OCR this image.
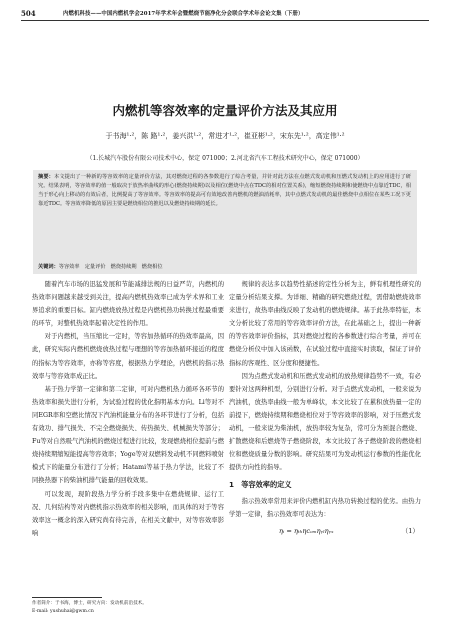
504	内燃机科技——中国内燃机学会2017年学术年会暨燃烧节能净化分会联合学术年会论文集（下册）
内燃机等容效率的定量评价方法及其应用
于书海¹·²，陈 路¹·²，姜兴洪¹·²，常进才¹·²，崔亚彬¹·²，宋东先¹·²，高定伟¹·²
（1.长城汽车股份有限公司技术中心，保定 071000；2.河北省汽车工程技术研究中心，保定 071000）
摘要：本文提出了一种新的等容效率的定量评价方法，其对燃烧过程的各参数进行了综合考量，并针对此方法在点燃式发动机和压燃式发动机上的应用进行了研究。结果表明，等容效率的值一般取决于放热率曲线的形心(燃烧持续期)以及相位(燃烧中点在TDC的相对位置关系)，缩短燃烧持续期和使燃烧中点靠近TDC，相当于形心向上移动的有效后者，比例提高了等容效率。等容效率的提高可有效地改善内燃机的燃油消耗率，其中点燃式发动机的最佳燃烧中点相位在某些工况下更靠近TDC。等容效率降低的原因主要是燃烧相位的推迟以及燃烧持续期的延长。
关键词：等容效率　定量评价　燃烧持续期　燃烧相位

随着汽车市场的迅猛发展和节能减排法规的日益严苛，内燃机的热效率问题越来越受到关注，提高内燃机热效率已成为学术界和工业界追求的重要目标。缸内燃烧放热过程是内燃机热功转换过程最重要的环节，对整机热效率起着决定性的作用。

对于内燃机，当压缩比一定时，等容加热循环的热效率最高，因此，研究实际内燃机燃烧放热过程与理想的等容加热循环接近的程度的指标为等容效率，亦称等容度，根据热力学理论，内燃机的指示热效率与等容效率成正比。

基于热力学第一定律和第二定律，可对内燃机热力循环各环节的热效率和损失进行分析，为试验过程的优化指明基本方向。Li等对不同EGR率和空燃比情况下汽油机能量分布的各环节进行了分析，包括有效功、排气损失、不完全燃烧损失、传热损失、机械损失等部分；Fu等对自然吸气汽油机的燃烧过程进行比较，发现燃烧相位提前与燃烧持续期缩短能提高等容效率；Yoge等对双燃料发动机不同燃料喷射模式下的能量分布进行了分析；Hatami等基于热力学法，比较了不同换热器下的柴油机排气能量的回收效果。

可以发现，现阶段热力学分析手段多集中在燃烧规律、运行工况、几何结构等对内燃机指示热效率的相关影响，而具体的对于等容效率这一概念的深入研究尚有待完善，在相关文献中，对等容效率影响

规律的表达多以趋势性描述的定性分析为主，鲜有机理性研究的定量分析结果支撑。为详细、精确的研究燃烧过程，需借助燃烧效率来进行，故热率曲线反映了发动机的燃烧规律。基于此热率特征，本文分析比较了常用的等容效率评价方法，在此基础之上，提出一种新的等容效率评价指标，其对燃烧过程的各参数进行综合考量，并可在燃烧分析仪中加入该函数，在试验过程中直接实时读取，保证了评价指标的客观性、区分度和便捷性。

因为点燃式发动机和压燃式发动机的放热规律趋势不一致，有必要针对这两种机型，分别进行分析。对于点燃式发动机，一般来说为汽油机，放热率曲线一般为单峰状，本文比较了在累积放热量一定的前提下，燃烧持续期和燃烧相位对于等容效率的影响，对于压燃式发动机，一般来说为柴油机，放热率较为复杂，常可分为预混合燃烧、扩散燃烧和后燃烧等子燃烧阶段，本文比较了各子燃烧阶段的燃烧相位和燃烧质量分数的影响。研究结果可为发动机运行参数的性能优化提供方向性的指导。

1　等容效率的定义

指示热效率常用来评价内燃机缸内热功转换过程的优劣。由热力学第一定律，指示热效率可表达为：

ηᵢ = ηₜₕηcₒₘηᵧₗηᵧₓ	（1）
作者简介：于书海，博士，研究方向：发动机前沿技术。
E-mail: yushuhai@gwm.cn
